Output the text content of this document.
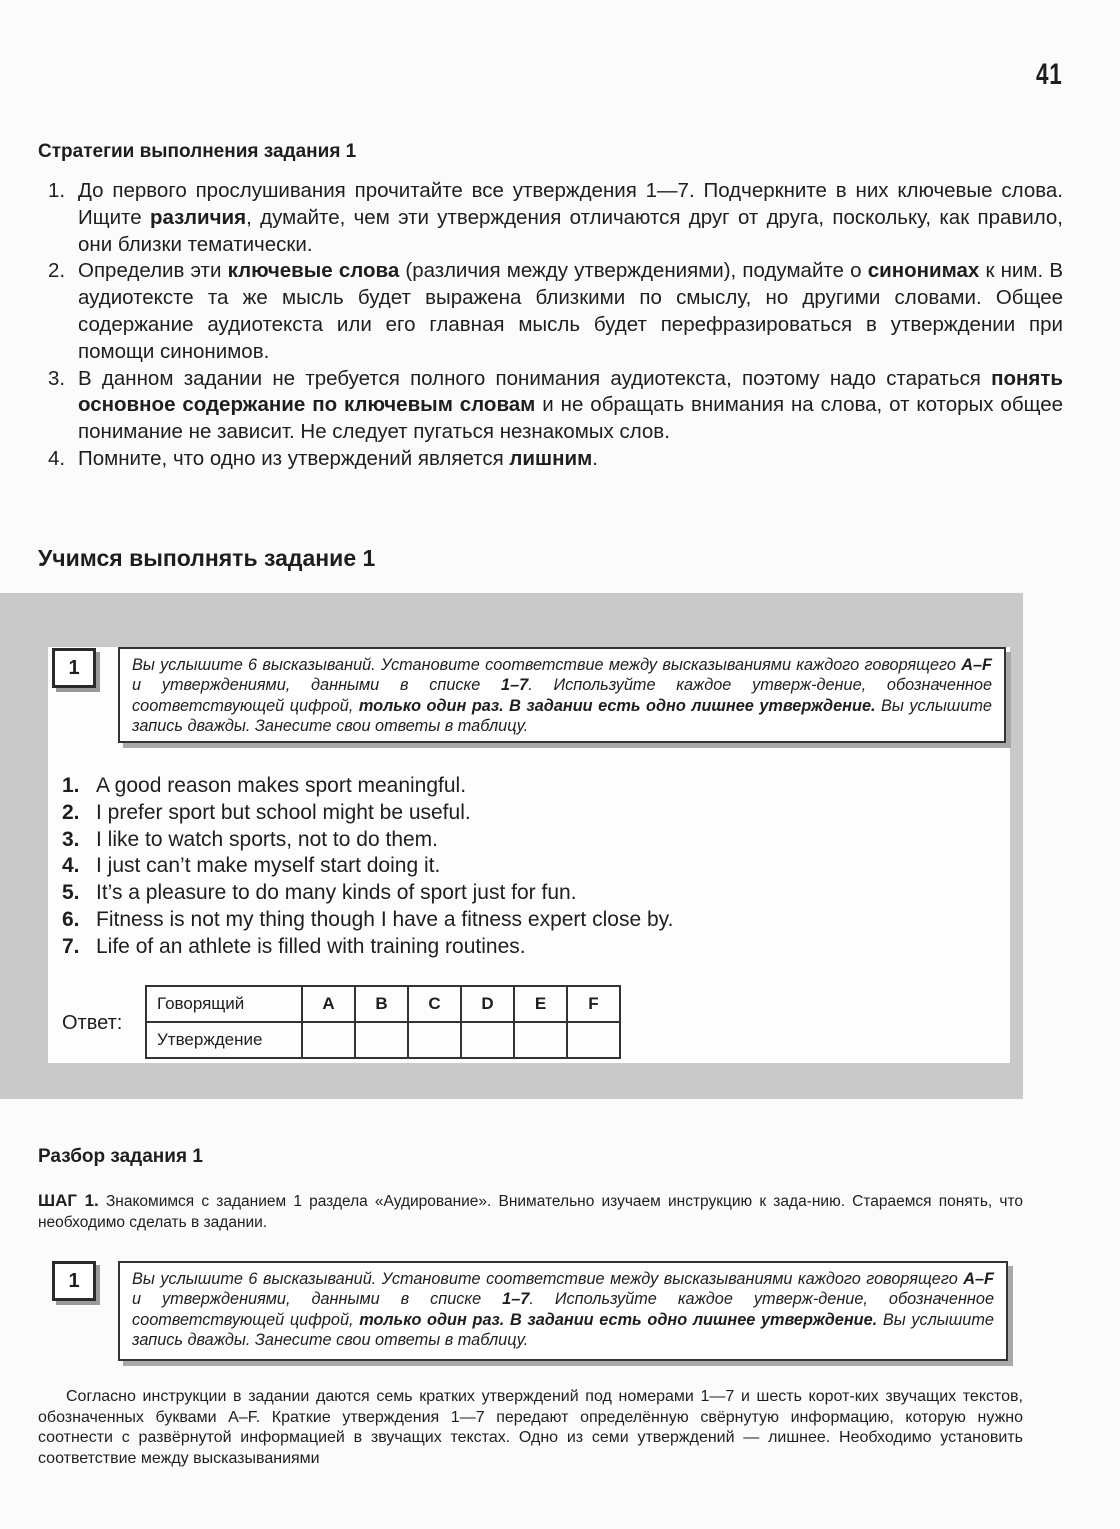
41
Стратегии выполнения задания 1
1. До первого прослушивания прочитайте все утверждения 1—7. Подчеркните в них ключевые слова. Ищите различия, думайте, чем эти утверждения отличаются друг от друга, поскольку, как правило, они близки тематически.
2. Определив эти ключевые слова (различия между утверждениями), подумайте о синонимах к ним. В аудиотексте та же мысль будет выражена близкими по смыслу, но другими словами. Общее содержание аудиотекста или его главная мысль будет перефразироваться в утверждении при помощи синонимов.
3. В данном задании не требуется полного понимания аудиотекста, поэтому надо стараться понять основное содержание по ключевым словам и не обращать внимания на слова, от которых общее понимание не зависит. Не следует пугаться незнакомых слов.
4. Помните, что одно из утверждений является лишним.
Учимся выполнять задание 1
1	Вы услышите 6 высказываний. Установите соответствие между высказываниями каждого говорящего A–F и утверждениями, данными в списке 1–7. Используйте каждое утверж-дение, обозначенное соответствующей цифрой, только один раз. В задании есть одно лишнее утверждение. Вы услышите запись дважды. Занесите свои ответы в таблицу.
1. A good reason makes sport meaningful.
2. I prefer sport but school might be useful.
3. I like to watch sports, not to do them.
4. I just can’t make myself start doing it.
5. It’s a pleasure to do many kinds of sport just for fun.
6. Fitness is not my thing though I have a fitness expert close by.
7. Life of an athlete is filled with training routines.
Ответ:
Говорящий	A	B	C	D	E	F
Утверждение						
Разбор задания 1
ШАГ 1. Знакомимся с заданием 1 раздела «Аудирование». Внимательно изучаем инструкцию к зада-нию. Стараемся понять, что необходимо сделать в задании.
1	Вы услышите 6 высказываний. Установите соответствие между высказываниями каждого говорящего A–F и утверждениями, данными в списке 1–7. Используйте каждое утверж-дение, обозначенное соответствующей цифрой, только один раз. В задании есть одно лишнее утверждение. Вы услышите запись дважды. Занесите свои ответы в таблицу.
Согласно инструкции в задании даются семь кратких утверждений под номерами 1—7 и шесть корот-ких звучащих текстов, обозначенных буквами A–F. Краткие утверждения 1—7 передают определённую свёрнутую информацию, которую нужно соотнести с развёрнутой информацией в звучащих текстах. Одно из семи утверждений — лишнее. Необходимо установить соответствие между высказываниями
